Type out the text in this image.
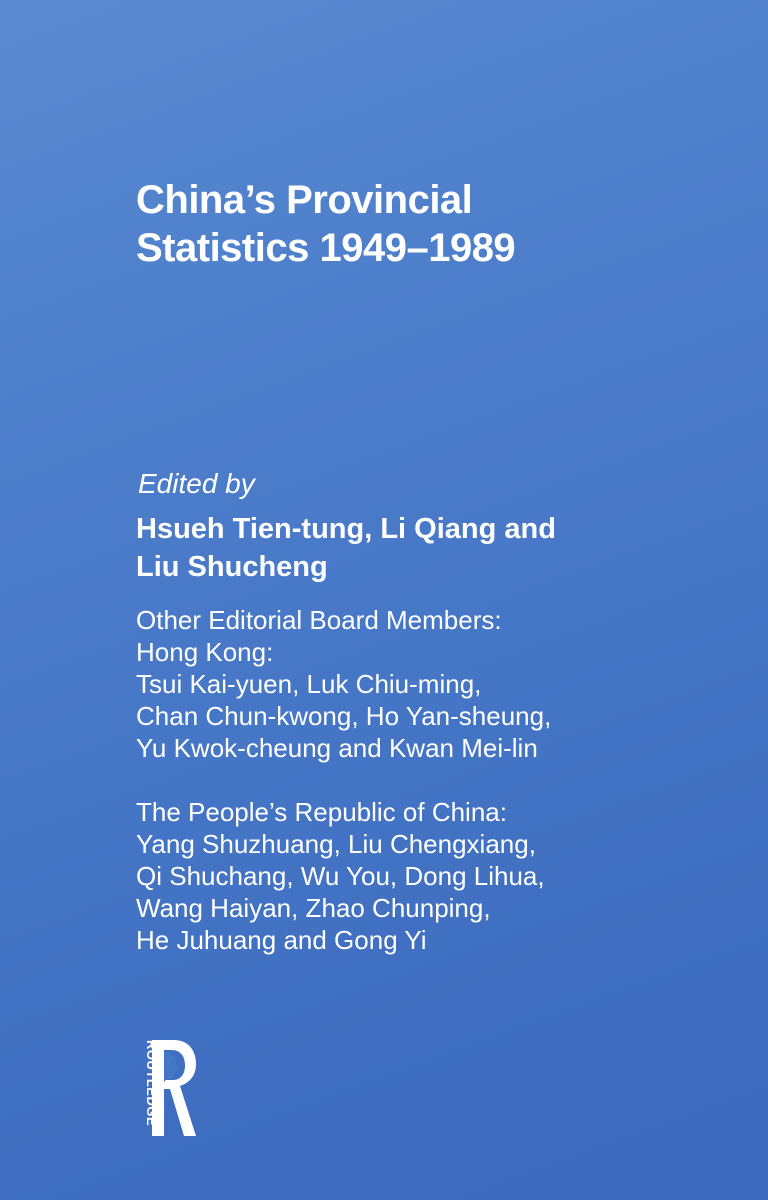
China’s Provincial
Statistics 1949–1989
Edited by
Hsueh Tien-tung, Li Qiang and
Liu Shucheng
Other Editorial Board Members:
Hong Kong:
Tsui Kai-yuen, Luk Chiu-ming,
Chan Chun-kwong, Ho Yan-sheung,
Yu Kwok-cheung and Kwan Mei-lin
The People’s Republic of China:
Yang Shuzhuang, Liu Chengxiang,
Qi Shuchang, Wu You, Dong Lihua,
Wang Haiyan, Zhao Chunping,
He Juhuang and Gong Yi
ROUTLEDGE
